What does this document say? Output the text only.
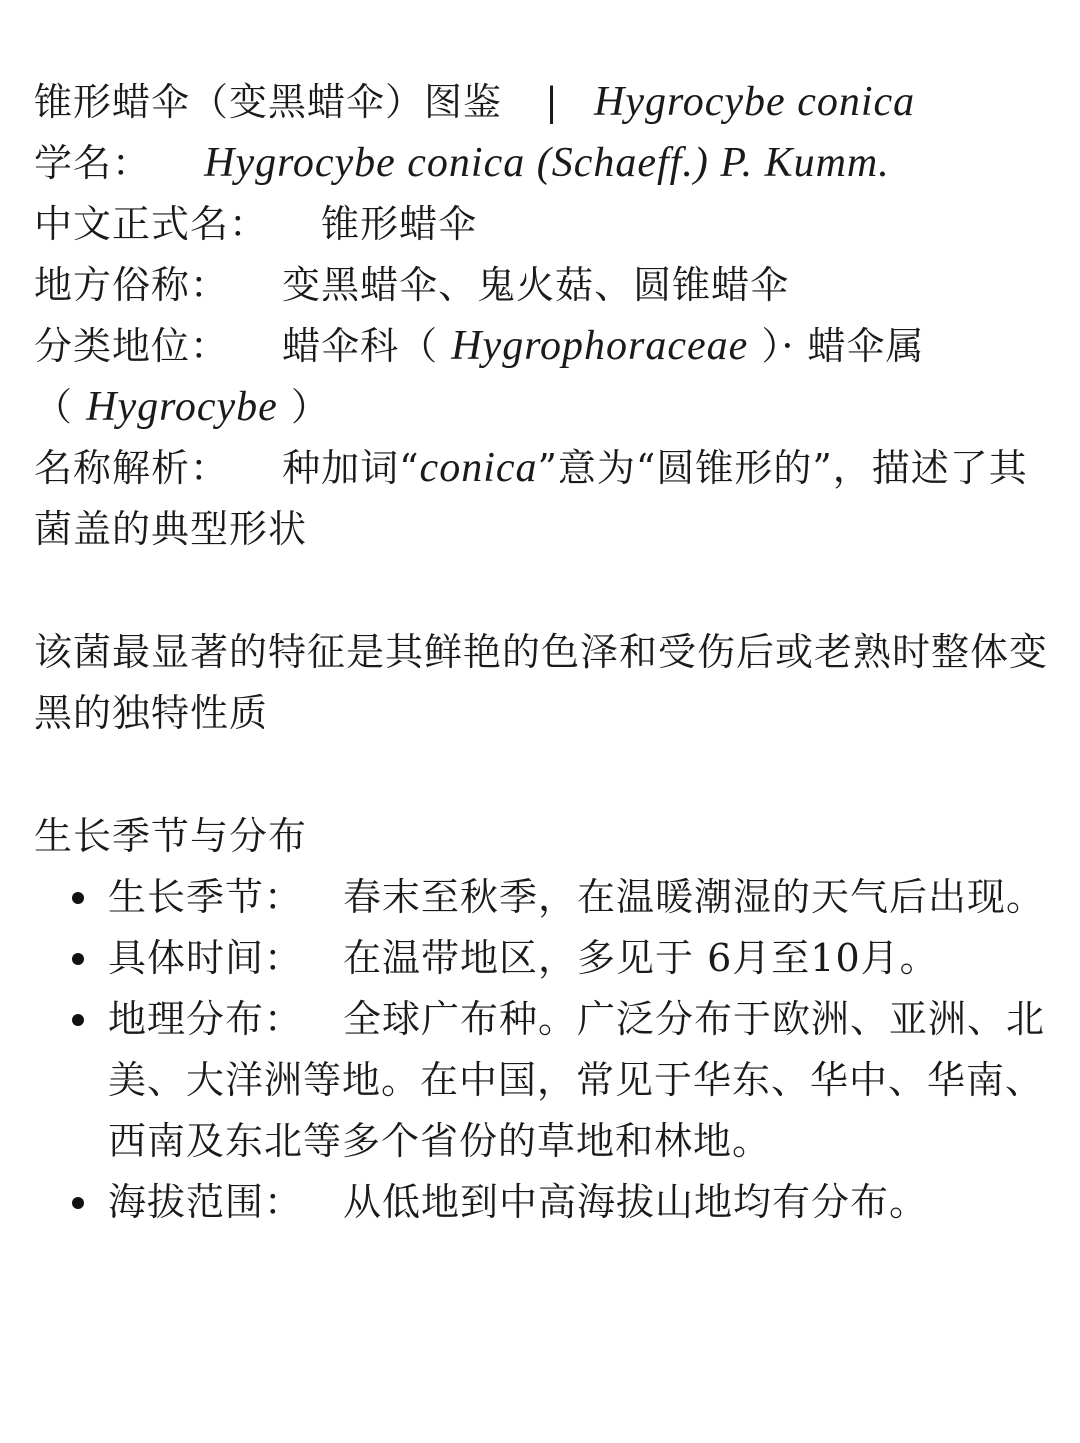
锥形蜡伞（变黑蜡伞）图鉴 | Hygrocybe conica
学名： Hygrocybe conica (Schaeff.) P. Kumm.
中文正式名： 锥形蜡伞
地方俗称： 变黑蜡伞、鬼火菇、圆锥蜡伞
分类地位： 蜡伞科（ Hygrophoraceae ）· 蜡伞属
（ Hygrocybe ）
名称解析： 种加词“conica”意为“圆锥形的”，描述了其菌盖的典型形状
该菌最显著的特征是其鲜艳的色泽和受伤后或老熟时整体变黑的独特性质
生长季节与分布
生长季节： 春末至秋季，在温暖潮湿的天气后出现。
具体时间： 在温带地区，多见于 6月至10月。
地理分布： 全球广布种。广泛分布于欧洲、亚洲、北美、大洋洲等地。在中国，常见于华东、华中、华南、西南及东北等多个省份的草地和林地。
海拔范围： 从低地到中高海拔山地均有分布。
